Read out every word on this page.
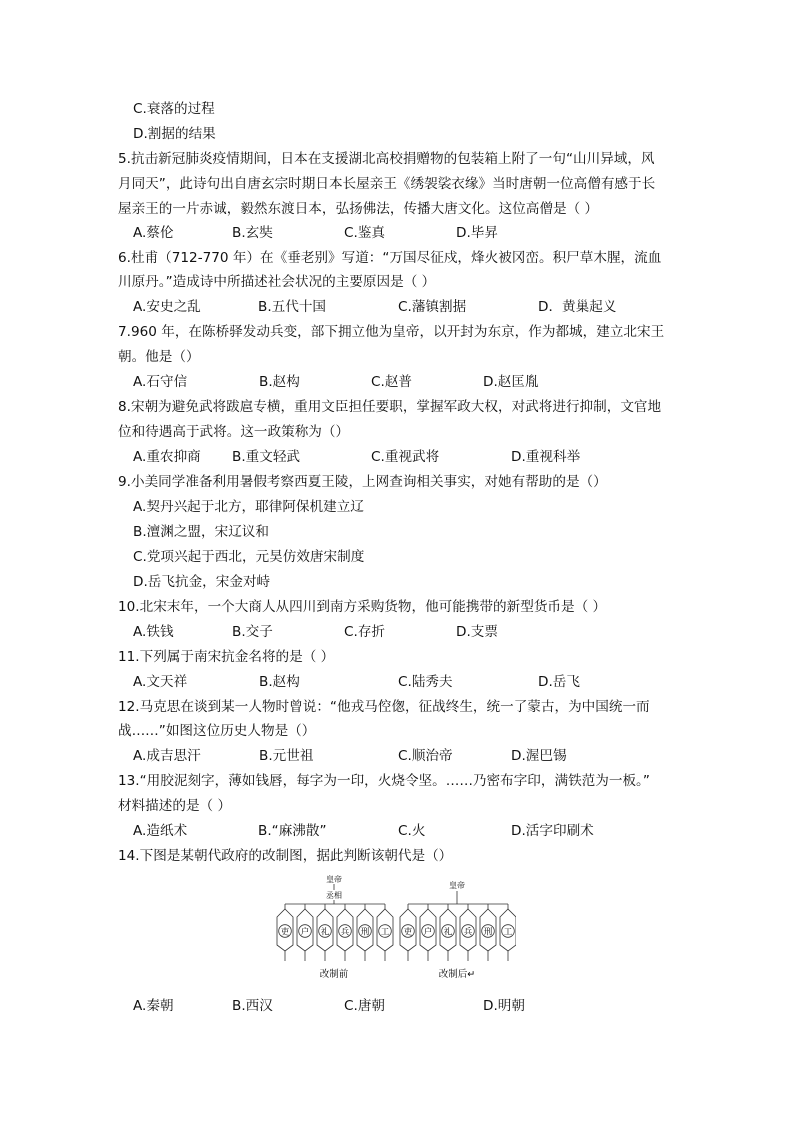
C.衰落的过程
D.割据的结果
5.抗击新冠肺炎疫情期间，日本在支援湖北高校捐赠物的包装箱上附了一句“山川异域，风
月同天”，此诗句出自唐玄宗时期日本长屋亲王《绣袈裟衣缘》当时唐朝一位高僧有感于长
屋亲王的一片赤诚，毅然东渡日本，弘扬佛法，传播大唐文化。这位高僧是（ ）
A.蔡伦	B.玄奘	C.鉴真	D.毕昇
6.杜甫（712-770 年）在《垂老别》写道：“万国尽征戍，烽火被冈峦。积尸草木腥，流血
川原丹。”造成诗中所描述社会状况的主要原因是（ ）
A.安史之乱	B.五代十国	C.藩镇割据	D．黄巢起义
7.960 年，在陈桥驿发动兵变，部下拥立他为皇帝，以开封为东京，作为都城，建立北宋王
朝。他是（）
A.石守信	B.赵构	C.赵普	D.赵匡胤
8.宋朝为避免武将跋扈专横，重用文臣担任要职，掌握军政大权，对武将进行抑制，文官地
位和待遇高于武将。这一政策称为（）
A.重农抑商 B.重文轻武	C.重视武将	D.重视科举
9.小美同学准备利用暑假考察西夏王陵，上网查询相关事实，对她有帮助的是（）
A.契丹兴起于北方，耶律阿保机建立辽
B.澶渊之盟，宋辽议和
C.党项兴起于西北，元昊仿效唐宋制度
D.岳飞抗金，宋金对峙
10.北宋末年，一个大商人从四川到南方采购货物，他可能携带的新型货币是（ ）
A.铁钱	B.交子	C.存折	D.支票
11.下列属于南宋抗金名将的是（ ）
A.文天祥	B.赵构	C.陆秀夫	D.岳飞
12.马克思在谈到某一人物时曾说：“他戎马倥偬，征战终生，统一了蒙古，为中国统一而
战……”如图这位历史人物是（）
A.成吉思汗	B.元世祖	C.顺治帝	D.渥巴锡
13.“用胶泥刻字，薄如钱唇，每字为一印，火烧令坚。……乃密布字印，满铁范为一板。”
材料描述的是（ ）
A.造纸术	B.“麻沸散”	C.火	D.活字印刷术
14.下图是某朝代政府的改制图，据此判断该朝代是（）
皇帝
丞相
吏 户 礼 兵 刑 工
改制前
皇帝
吏 户 礼 兵 刑 工
改制后↵
A.秦朝	B.西汉	C.唐朝	D.明朝
